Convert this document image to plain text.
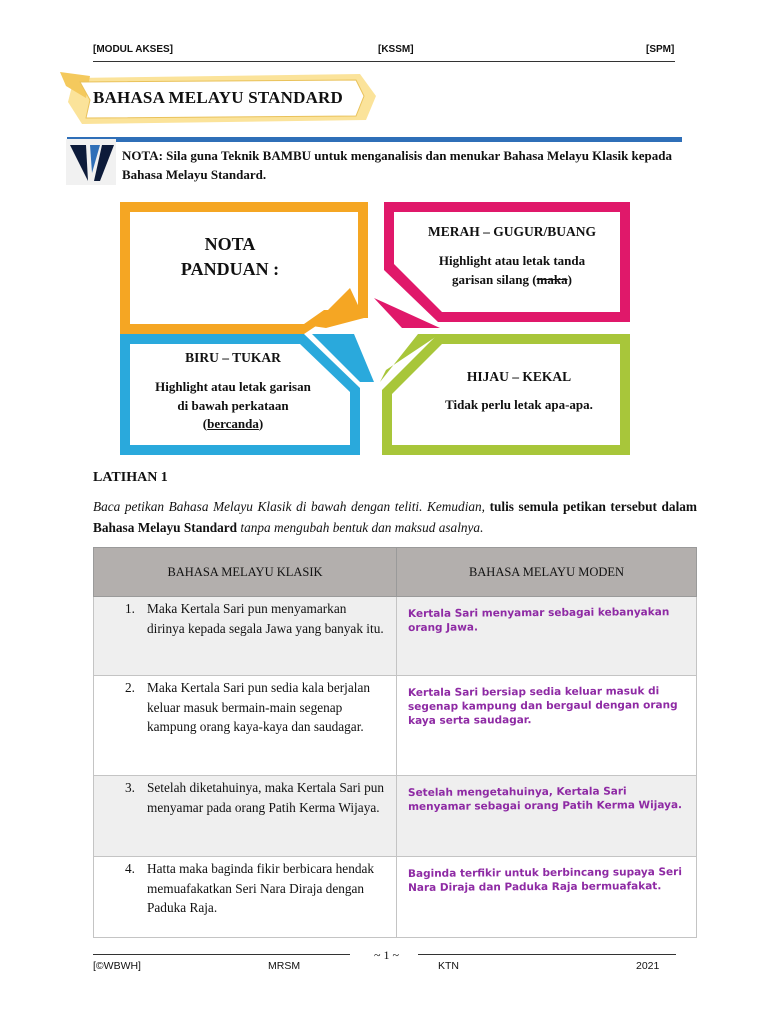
[MODUL AKSES]	[KSSM]	[SPM]
BAHASA MELAYU STANDARD
NOTA: Sila guna Teknik BAMBU untuk menganalisis dan menukar Bahasa Melayu Klasik kepada Bahasa Melayu Standard.
NOTA
PANDUAN :
MERAH – GUGUR/BUANG
Highlight atau letak tanda
garisan silang (maka)
BIRU – TUKAR
Highlight atau letak garisan
di bawah perkataan
(bercanda)
HIJAU – KEKAL
Tidak perlu letak apa-apa.
LATIHAN 1
Baca petikan Bahasa Melayu Klasik di bawah dengan teliti. Kemudian, tulis semula petikan tersebut dalam Bahasa Melayu Standard tanpa mengubah bentuk dan maksud asalnya.
BAHASA MELAYU KLASIK	BAHASA MELAYU MODEN

1. Maka Kertala Sari pun menyamarkan dirinya kepada segala Jawa yang banyak itu.	Kertala Sari menyamar sebagai kebanyakan orang Jawa.

2. Maka Kertala Sari pun sedia kala berjalan keluar masuk bermain-main segenap kampung orang kaya-kaya dan saudagar.	Kertala Sari bersiap sedia keluar masuk di segenap kampung dan bergaul dengan orang kaya serta saudagar.

3. Setelah diketahuinya, maka Kertala Sari pun menyamar pada orang Patih Kerma Wijaya.	Setelah mengetahuinya, Kertala Sari menyamar sebagai orang Patih Kerma Wijaya.

4. Hatta maka baginda fikir berbicara hendak memuafakatkan Seri Nara Diraja dengan Paduka Raja.	Baginda terfikir untuk berbincang supaya Seri Nara Diraja dan Paduka Raja bermuafakat.
~ 1 ~
[©WBWH]	MRSM	KTN	2021
